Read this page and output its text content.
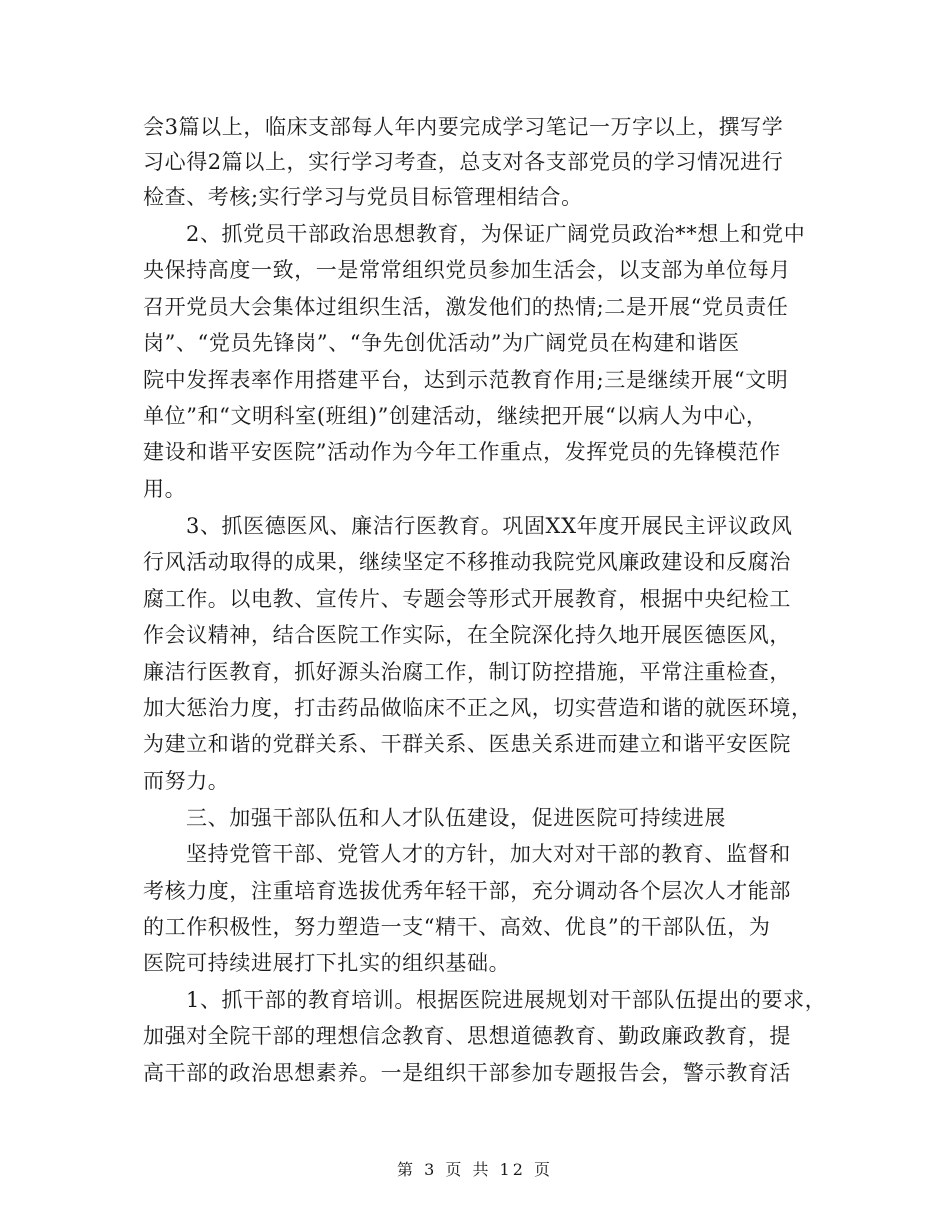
会3篇以上，临床支部每人年内要完成学习笔记一万字以上，撰写学
习心得2篇以上，实行学习考查，总支对各支部党员的学习情况进行
检查、考核;实行学习与党员目标管理相结合。
2、抓党员干部政治思想教育，为保证广阔党员政治**想上和党中
央保持高度一致，一是常常组织党员参加生活会，以支部为单位每月
召开党员大会集体过组织生活，激发他们的热情;二是开展“党员责任
岗”、“党员先锋岗”、“争先创优活动”为广阔党员在构建和谐医
院中发挥表率作用搭建平台，达到示范教育作用;三是继续开展“文明
单位”和“文明科室(班组)”创建活动，继续把开展“以病人为中心，
建设和谐平安医院”活动作为今年工作重点，发挥党员的先锋模范作
用。
3、抓医德医风、廉洁行医教育。巩固XX年度开展民主评议政风
行风活动取得的成果，继续坚定不移推动我院党风廉政建设和反腐治
腐工作。以电教、宣传片、专题会等形式开展教育，根据中央纪检工
作会议精神，结合医院工作实际，在全院深化持久地开展医德医风，
廉洁行医教育，抓好源头治腐工作，制订防控措施，平常注重检查，
加大惩治力度，打击药品做临床不正之风，切实营造和谐的就医环境，
为建立和谐的党群关系、干群关系、医患关系进而建立和谐平安医院
而努力。
三、加强干部队伍和人才队伍建设，促进医院可持续进展
坚持党管干部、党管人才的方针，加大对对干部的教育、监督和
考核力度，注重培育选拔优秀年轻干部，充分调动各个层次人才能部
的工作积极性，努力塑造一支“精干、高效、优良”的干部队伍，为
医院可持续进展打下扎实的组织基础。
1、抓干部的教育培训。根据医院进展规划对干部队伍提出的要求，
加强对全院干部的理想信念教育、思想道德教育、勤政廉政教育，提
高干部的政治思想素养。一是组织干部参加专题报告会，警示教育活
第 3 页 共 12 页
